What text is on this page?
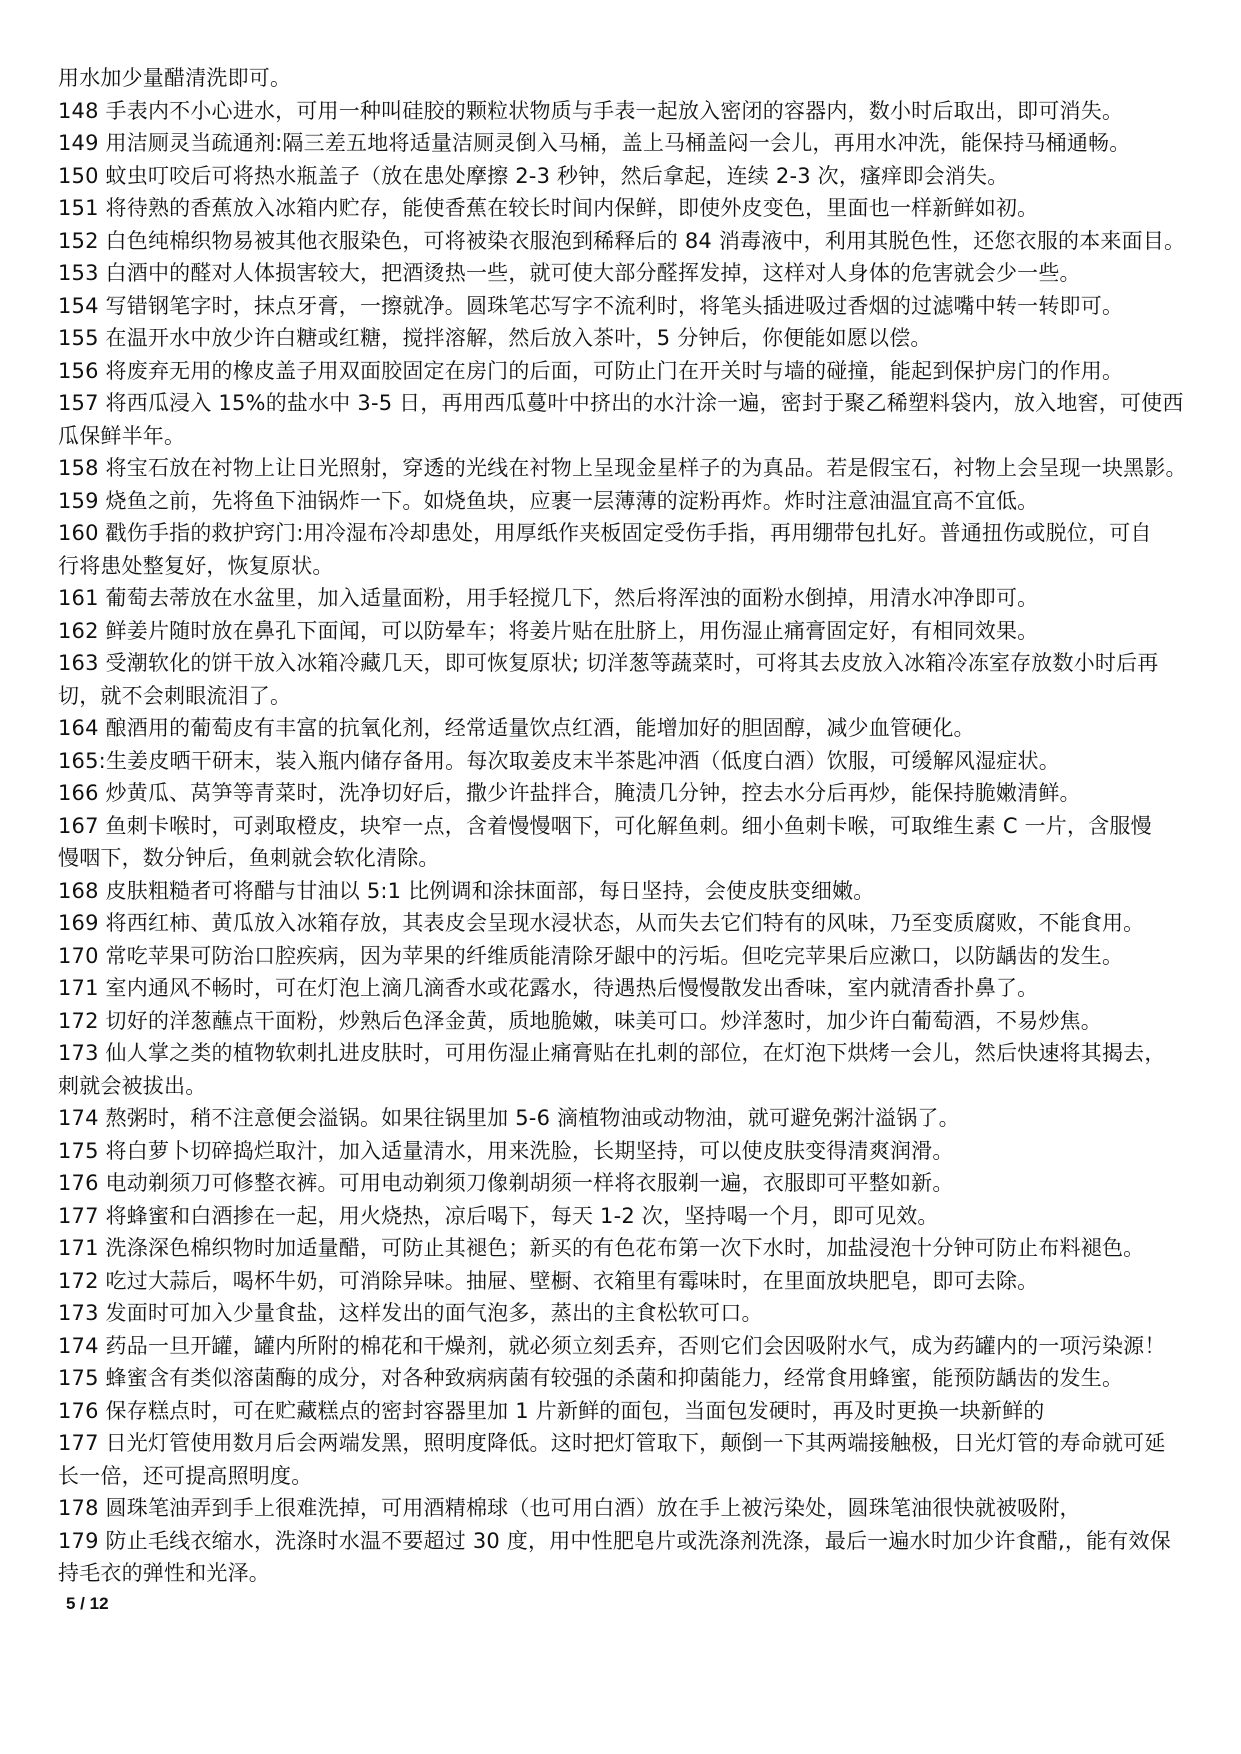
用水加少量醋清洗即可。
148 手表内不小心进水，可用一种叫硅胶的颗粒状物质与手表一起放入密闭的容器内，数小时后取出，即可消失。
149 用洁厕灵当疏通剂:隔三差五地将适量洁厕灵倒入马桶，盖上马桶盖闷一会儿，再用水冲洗，能保持马桶通畅。
150 蚊虫叮咬后可将热水瓶盖子（放在患处摩擦 2-3 秒钟，然后拿起，连续 2-3 次，瘙痒即会消失。
151 将待熟的香蕉放入冰箱内贮存，能使香蕉在较长时间内保鲜，即使外皮变色，里面也一样新鲜如初。
152 白色纯棉织物易被其他衣服染色，可将被染衣服泡到稀释后的 84 消毒液中，利用其脱色性，还您衣服的本来面目。
153 白酒中的醛对人体损害较大，把酒烫热一些，就可使大部分醛挥发掉，这样对人身体的危害就会少一些。
154 写错钢笔字时，抹点牙膏，一擦就净。圆珠笔芯写字不流利时，将笔头插进吸过香烟的过滤嘴中转一转即可。
155 在温开水中放少许白糖或红糖，搅拌溶解，然后放入茶叶，5 分钟后，你便能如愿以偿。
156 将废弃无用的橡皮盖子用双面胶固定在房门的后面，可防止门在开关时与墙的碰撞，能起到保护房门的作用。
157 将西瓜浸入 15%的盐水中 3-5 日，再用西瓜蔓叶中挤出的水汁涂一遍，密封于聚乙稀塑料袋内，放入地窖，可使西
瓜保鲜半年。
158 将宝石放在衬物上让日光照射，穿透的光线在衬物上呈现金星样子的为真品。若是假宝石，衬物上会呈现一块黑影。
159 烧鱼之前，先将鱼下油锅炸一下。如烧鱼块，应裹一层薄薄的淀粉再炸。炸时注意油温宜高不宜低。
160 戳伤手指的救护窍门:用冷湿布冷却患处，用厚纸作夹板固定受伤手指，再用绷带包扎好。普通扭伤或脱位，可自
行将患处整复好，恢复原状。
161 葡萄去蒂放在水盆里，加入适量面粉，用手轻搅几下，然后将浑浊的面粉水倒掉，用清水冲净即可。
162 鲜姜片随时放在鼻孔下面闻，可以防晕车；将姜片贴在肚脐上，用伤湿止痛膏固定好，有相同效果。
163 受潮软化的饼干放入冰箱冷藏几天，即可恢复原状; 切洋葱等蔬菜时，可将其去皮放入冰箱冷冻室存放数小时后再
切，就不会刺眼流泪了。
164 酿酒用的葡萄皮有丰富的抗氧化剂，经常适量饮点红酒，能增加好的胆固醇，减少血管硬化。
165:生姜皮晒干研末，装入瓶内储存备用。每次取姜皮末半茶匙冲酒（低度白酒）饮服，可缓解风湿症状。
166 炒黄瓜、莴笋等青菜时，洗净切好后，撒少许盐拌合，腌渍几分钟，控去水分后再炒，能保持脆嫩清鲜。
167 鱼刺卡喉时，可剥取橙皮，块窄一点，含着慢慢咽下，可化解鱼刺。细小鱼刺卡喉，可取维生素 C 一片，含服慢
慢咽下，数分钟后，鱼刺就会软化清除。
168 皮肤粗糙者可将醋与甘油以 5:1 比例调和涂抹面部，每日坚持，会使皮肤变细嫩。
169 将西红柿、黄瓜放入冰箱存放，其表皮会呈现水浸状态，从而失去它们特有的风味，乃至变质腐败，不能食用。
170 常吃苹果可防治口腔疾病，因为苹果的纤维质能清除牙龈中的污垢。但吃完苹果后应漱口，以防龋齿的发生。
171 室内通风不畅时，可在灯泡上滴几滴香水或花露水，待遇热后慢慢散发出香味，室内就清香扑鼻了。
172 切好的洋葱蘸点干面粉，炒熟后色泽金黄，质地脆嫩，味美可口。炒洋葱时，加少许白葡萄酒，不易炒焦。
173 仙人掌之类的植物软刺扎进皮肤时，可用伤湿止痛膏贴在扎刺的部位，在灯泡下烘烤一会儿，然后快速将其揭去，
刺就会被拔出。
174 熬粥时，稍不注意便会溢锅。如果往锅里加 5-6 滴植物油或动物油，就可避免粥汁溢锅了。
175 将白萝卜切碎捣烂取汁，加入适量清水，用来洗脸，长期坚持，可以使皮肤变得清爽润滑。
176 电动剃须刀可修整衣裤。可用电动剃须刀像剃胡须一样将衣服剃一遍，衣服即可平整如新。
177 将蜂蜜和白酒掺在一起，用火烧热，凉后喝下，每天 1-2 次，坚持喝一个月，即可见效。
171 洗涤深色棉织物时加适量醋，可防止其褪色；新买的有色花布第一次下水时，加盐浸泡十分钟可防止布料褪色。
172 吃过大蒜后，喝杯牛奶，可消除异味。抽屉、壁橱、衣箱里有霉味时，在里面放块肥皂，即可去除。
173 发面时可加入少量食盐，这样发出的面气泡多，蒸出的主食松软可口。
174 药品一旦开罐，罐内所附的棉花和干燥剂，就必须立刻丢弃，否则它们会因吸附水气，成为药罐内的一项污染源！
175 蜂蜜含有类似溶菌酶的成分，对各种致病病菌有较强的杀菌和抑菌能力，经常食用蜂蜜，能预防龋齿的发生。
176 保存糕点时，可在贮藏糕点的密封容器里加 1 片新鲜的面包，当面包发硬时，再及时更换一块新鲜的
177 日光灯管使用数月后会两端发黑，照明度降低。这时把灯管取下，颠倒一下其两端接触极，日光灯管的寿命就可延
长一倍，还可提高照明度。
178 圆珠笔油弄到手上很难洗掉，可用酒精棉球（也可用白酒）放在手上被污染处，圆珠笔油很快就被吸附，
179 防止毛线衣缩水，洗涤时水温不要超过 30 度，用中性肥皂片或洗涤剂洗涤，最后一遍水时加少许食醋,，能有效保
持毛衣的弹性和光泽。
5 / 12
